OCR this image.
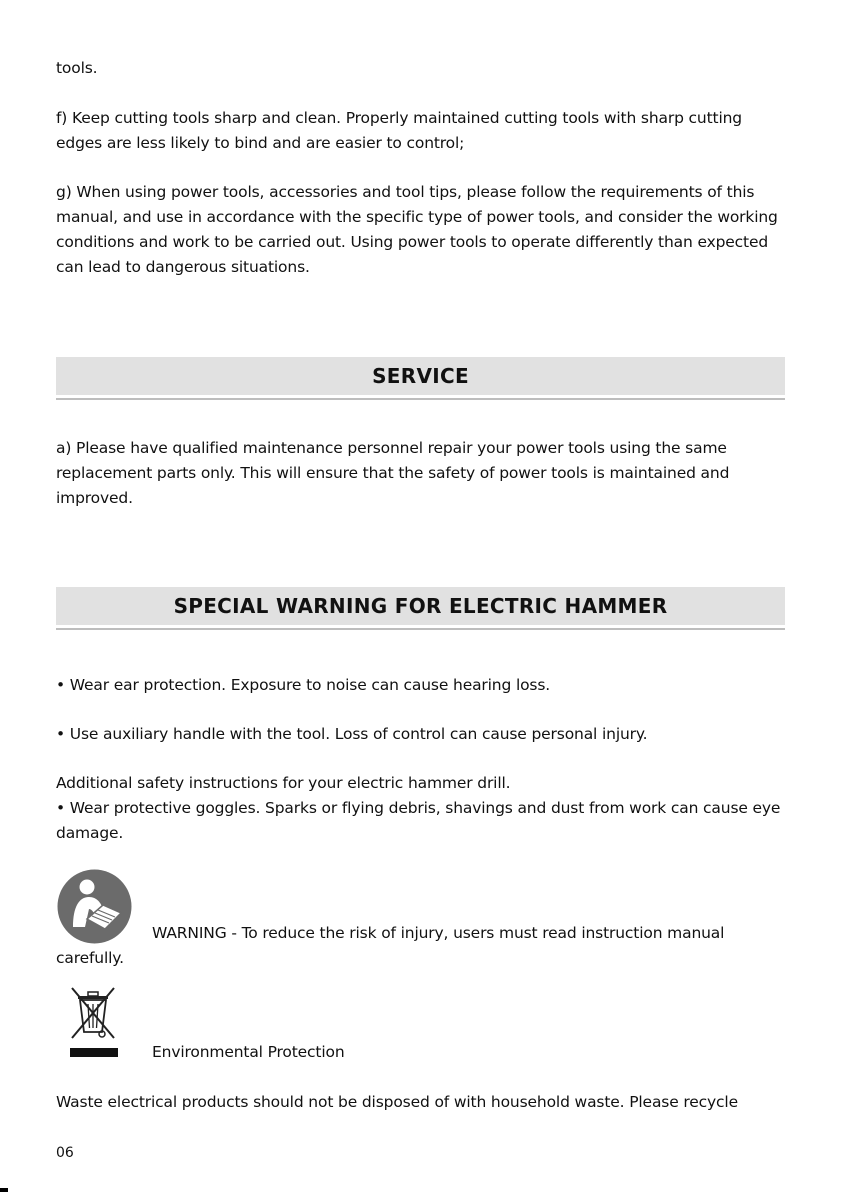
tools.

f) Keep cutting tools sharp and clean. Properly maintained cutting tools with sharp cutting edges are less likely to bind and are easier to control;

g) When using power tools, accessories and tool tips, please follow the requirements of this manual, and use in accordance with the specific type of power tools, and consider the working conditions and work to be carried out. Using power tools to operate differently than expected can lead to dangerous situations.

SERVICE

a) Please have qualified maintenance personnel repair your power tools using the same replacement parts only. This will ensure that the safety of power tools is maintained and improved.

SPECIAL WARNING FOR ELECTRIC HAMMER

• Wear ear protection. Exposure to noise can cause hearing loss.

• Use auxiliary handle with the tool. Loss of control can cause personal injury.

Additional safety instructions for your electric hammer drill.

• Wear protective goggles. Sparks or flying debris, shavings and dust from work can cause eye damage.

WARNING - To reduce the risk of injury, users must read instruction manual
carefully.
Environmental Protection

Waste electrical products should not be disposed of with household waste. Please recycle

06
